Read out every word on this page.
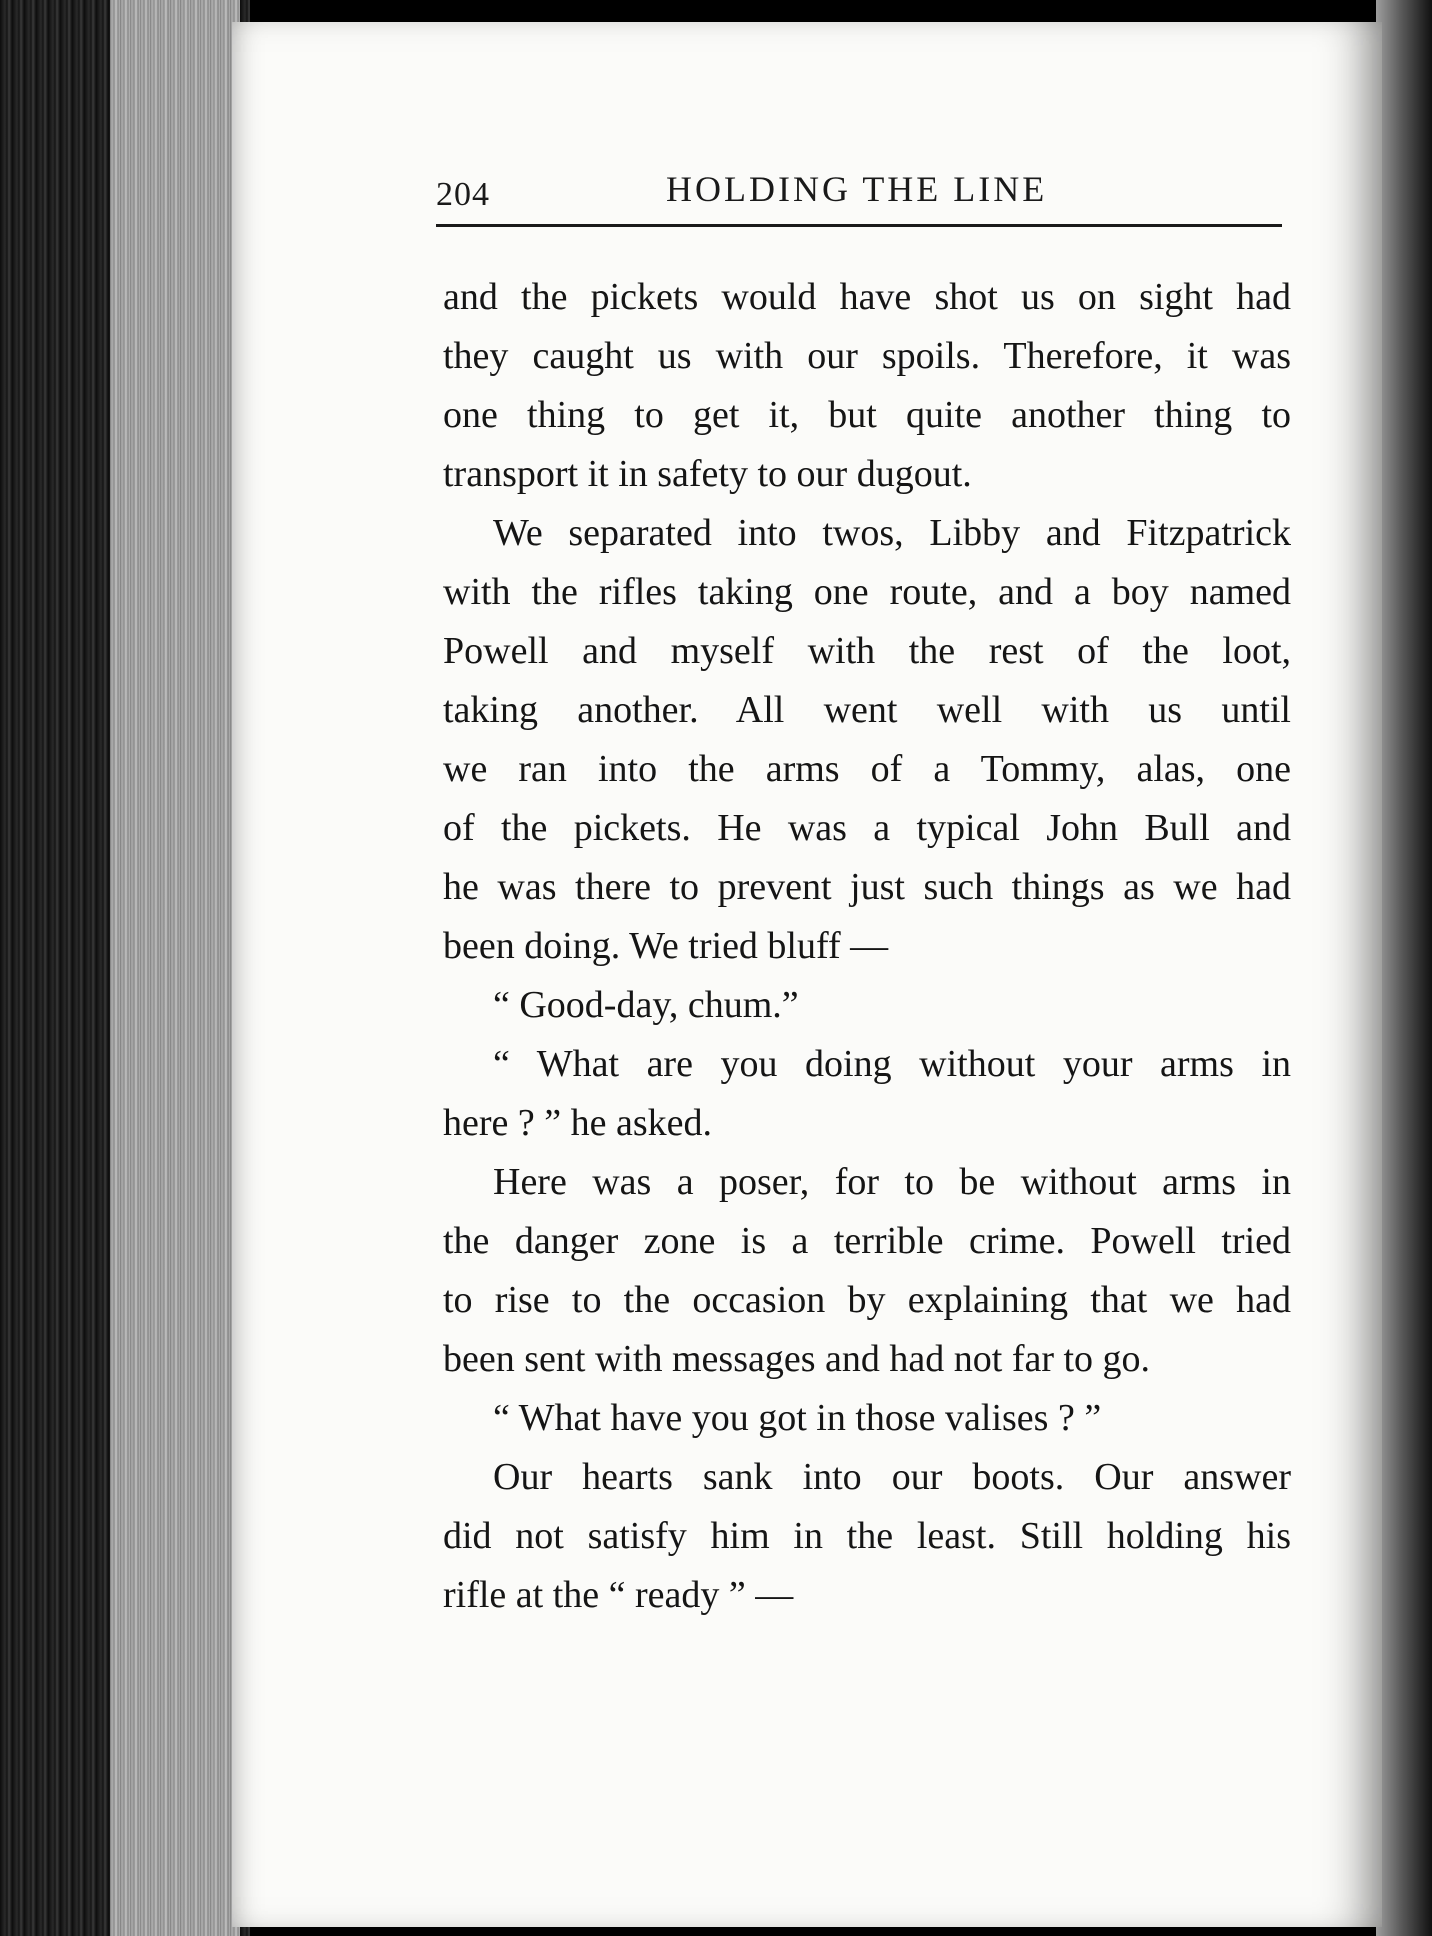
204	HOLDING THE LINE
and the pickets would have shot us on sight had
they caught us with our spoils. Therefore, it was
one thing to get it, but quite another thing to
transport it in safety to our dugout.
We separated into twos, Libby and Fitzpatrick
with the rifles taking one route, and a boy named
Powell and myself with the rest of the loot,
taking another. All went well with us until
we ran into the arms of a Tommy, alas, one
of the pickets. He was a typical John Bull and
he was there to prevent just such things as we had
been doing. We tried bluff —
“ Good-day, chum.”
“ What are you doing without your arms in
here ? ” he asked.
Here was a poser, for to be without arms in
the danger zone is a terrible crime. Powell tried
to rise to the occasion by explaining that we had
been sent with messages and had not far to go.
“ What have you got in those valises ? ”
Our hearts sank into our boots. Our answer
did not satisfy him in the least. Still holding his
rifle at the “ ready ” —
